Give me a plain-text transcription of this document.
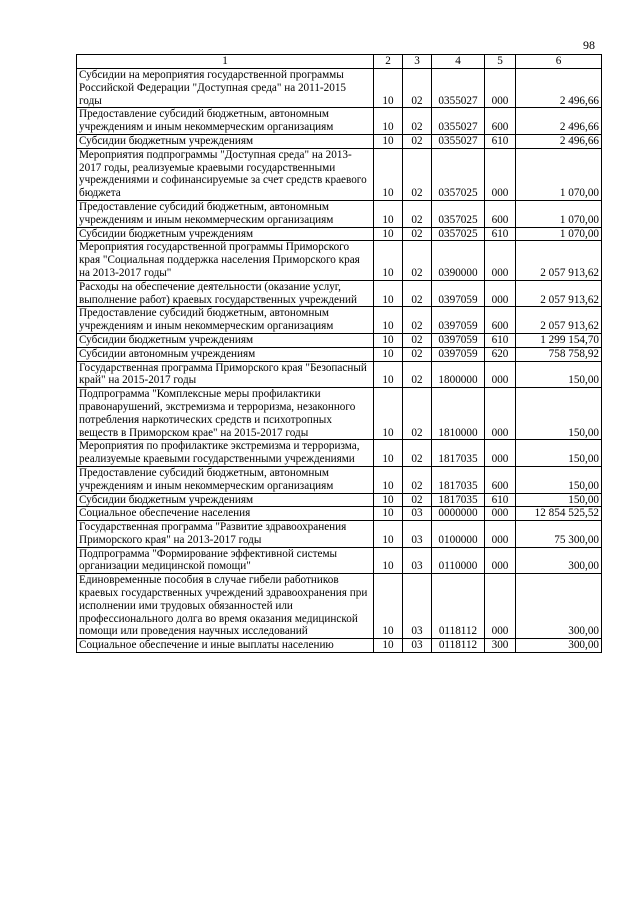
98
1	2	3	4	5	6
Субсидии на мероприятия государственной программы Российской Федерации "Доступная среда" на 2011-2015 годы	10	02	0355027	000	2 496,66
Предоставление субсидий бюджетным, автономным учреждениям и иным некоммерческим организациям	10	02	0355027	600	2 496,66
Субсидии бюджетным учреждениям	10	02	0355027	610	2 496,66
Мероприятия подпрограммы "Доступная среда" на 2013-2017 годы, реализуемые краевыми государственными учреждениями и софинансируемые за счет средств краевого бюджета	10	02	0357025	000	1 070,00
Предоставление субсидий бюджетным, автономным учреждениям и иным некоммерческим организациям	10	02	0357025	600	1 070,00
Субсидии бюджетным учреждениям	10	02	0357025	610	1 070,00
Мероприятия государственной программы Приморского края "Социальная поддержка населения Приморского края на 2013-2017 годы"	10	02	0390000	000	2 057 913,62
Расходы на обеспечение деятельности (оказание услуг, выполнение работ) краевых государственных учреждений	10	02	0397059	000	2 057 913,62
Предоставление субсидий бюджетным, автономным учреждениям и иным некоммерческим организациям	10	02	0397059	600	2 057 913,62
Субсидии бюджетным учреждениям	10	02	0397059	610	1 299 154,70
Субсидии автономным учреждениям	10	02	0397059	620	758 758,92
Государственная программа Приморского края "Безопасный край" на 2015-2017 годы	10	02	1800000	000	150,00
Подпрограмма "Комплексные меры профилактики правонарушений, экстремизма и терроризма, незаконного потребления наркотических средств и психотропных веществ в Приморском крае" на 2015-2017 годы	10	02	1810000	000	150,00
Мероприятия по профилактике экстремизма и терроризма, реализуемые краевыми государственными учреждениями	10	02	1817035	000	150,00
Предоставление субсидий бюджетным, автономным учреждениям и иным некоммерческим организациям	10	02	1817035	600	150,00
Субсидии бюджетным учреждениям	10	02	1817035	610	150,00
Социальное обеспечение населения	10	03	0000000	000	12 854 525,52
Государственная программа "Развитие здравоохранения Приморского края" на 2013-2017 годы	10	03	0100000	000	75 300,00
Подпрограмма "Формирование эффективной системы организации медицинской помощи"	10	03	0110000	000	300,00
Единовременные пособия в случае гибели работников краевых государственных учреждений здравоохранения при исполнении ими трудовых обязанностей или профессионального долга во время оказания медицинской помощи или проведения научных исследований	10	03	0118112	000	300,00
Социальное обеспечение и иные выплаты населению	10	03	0118112	300	300,00
